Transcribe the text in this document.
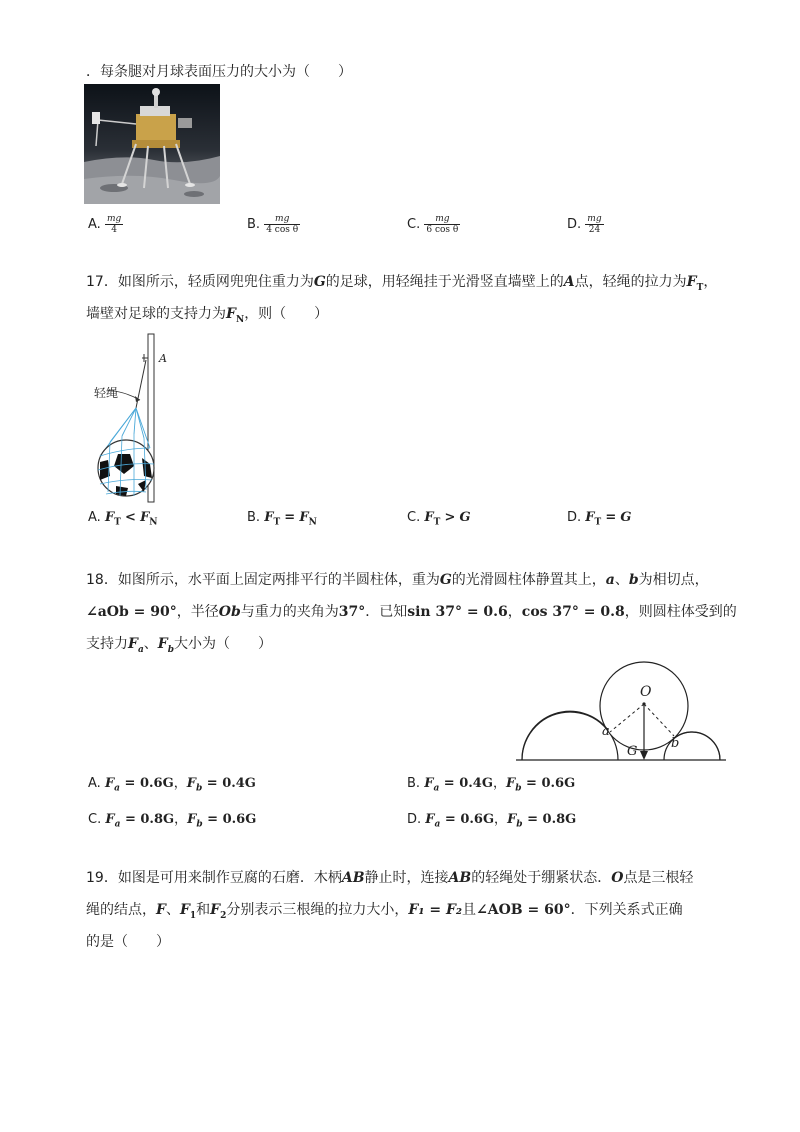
．每条腿对月球表面压力的大小为（　　）
A. $\frac{mg}{4}$	B. $\frac{mg}{\text{4 cos θ}}$	C. $\frac{mg}{\text{6 cos θ}}$	D. $\frac{mg}{24}$
17．如图所示，轻质网兜兜住重力为G的足球，用轻绳挂于光滑竖直墙壁上的A点，轻绳的拉力为$F_T$，
墙壁对足球的支持力为$F_N$，则（　　）
轻绳
A
A. $F_T < F_N$	B. $F_T = F_N$	C. $F_T > G$	D. $F_T = G$
18．如图所示，水平面上固定两排平行的半圆柱体，重为G的光滑圆柱体静置其上，a、b为相切点，
∠aOb = 90°，半径Ob与重力的夹角为37°．已知sin 37° = 0.6，cos 37° = 0.8，则圆柱体受到的
支持力$F_a$、$F_b$大小为（　　）
O
a
b
G
A. $F_a = 0.6G$，$F_b = 0.4G$	B. $F_a = 0.4G$，$F_b = 0.6G$
C. $F_a = 0.8G$，$F_b = 0.6G$	D. $F_a = 0.6G$，$F_b = 0.8G$
19．如图是可用来制作豆腐的石磨．木柄AB静止时，连接AB的轻绳处于绷紧状态．O点是三根轻
绳的结点，F、$F_1$和$F_2$分别表示三根绳的拉力大小，F₁ = F₂且∠AOB = 60°．下列关系式正确
的是（　　）
